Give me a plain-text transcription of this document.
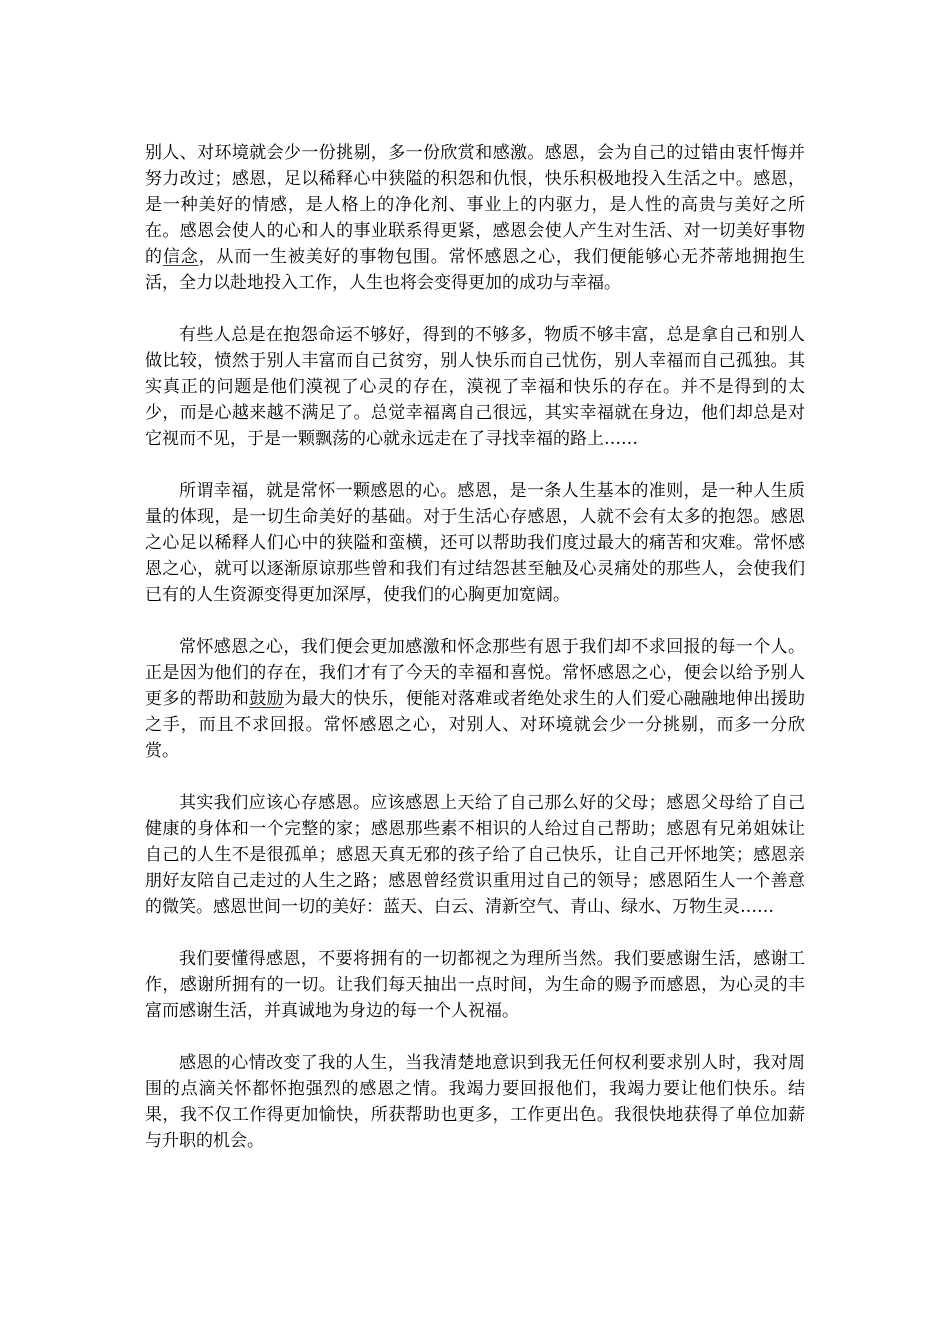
别人、对环境就会少一份挑剔，多一份欣赏和感激。感恩，会为自己的过错由衷忏悔并努力改过；感恩，足以稀释心中狭隘的积怨和仇恨，快乐积极地投入生活之中。感恩，是一种美好的情感，是人格上的净化剂、事业上的内驱力，是人性的高贵与美好之所在。感恩会使人的心和人的事业联系得更紧，感恩会使人产生对生活、对一切美好事物的信念，从而一生被美好的事物包围。常怀感恩之心，我们便能够心无芥蒂地拥抱生活，全力以赴地投入工作，人生也将会变得更加的成功与幸福。

有些人总是在抱怨命运不够好，得到的不够多，物质不够丰富，总是拿自己和别人做比较，愤然于别人丰富而自己贫穷，别人快乐而自己忧伤，别人幸福而自己孤独。其实真正的问题是他们漠视了心灵的存在，漠视了幸福和快乐的存在。并不是得到的太少，而是心越来越不满足了。总觉幸福离自己很远，其实幸福就在身边，他们却总是对它视而不见，于是一颗飘荡的心就永远走在了寻找幸福的路上……

所谓幸福，就是常怀一颗感恩的心。感恩，是一条人生基本的准则，是一种人生质量的体现，是一切生命美好的基础。对于生活心存感恩，人就不会有太多的抱怨。感恩之心足以稀释人们心中的狭隘和蛮横，还可以帮助我们度过最大的痛苦和灾难。常怀感恩之心，就可以逐渐原谅那些曾和我们有过结怨甚至触及心灵痛处的那些人，会使我们已有的人生资源变得更加深厚，使我们的心胸更加宽阔。

常怀感恩之心，我们便会更加感激和怀念那些有恩于我们却不求回报的每一个人。正是因为他们的存在，我们才有了今天的幸福和喜悦。常怀感恩之心，便会以给予别人更多的帮助和鼓励为最大的快乐，便能对落难或者绝处求生的人们爱心融融地伸出援助之手，而且不求回报。常怀感恩之心，对别人、对环境就会少一分挑剔，而多一分欣赏。

其实我们应该心存感恩。应该感恩上天给了自己那么好的父母；感恩父母给了自己健康的身体和一个完整的家；感恩那些素不相识的人给过自己帮助；感恩有兄弟姐妹让自己的人生不是很孤单；感恩天真无邪的孩子给了自己快乐，让自己开怀地笑；感恩亲朋好友陪自己走过的人生之路；感恩曾经赏识重用过自己的领导；感恩陌生人一个善意的微笑。感恩世间一切的美好：蓝天、白云、清新空气、青山、绿水、万物生灵……

我们要懂得感恩，不要将拥有的一切都视之为理所当然。我们要感谢生活，感谢工作，感谢所拥有的一切。让我们每天抽出一点时间，为生命的赐予而感恩，为心灵的丰富而感谢生活，并真诚地为身边的每一个人祝福。

感恩的心情改变了我的人生，当我清楚地意识到我无任何权利要求别人时，我对周围的点滴关怀都怀抱强烈的感恩之情。我竭力要回报他们，我竭力要让他们快乐。结果，我不仅工作得更加愉快，所获帮助也更多，工作更出色。我很快地获得了单位加薪与升职的机会。
